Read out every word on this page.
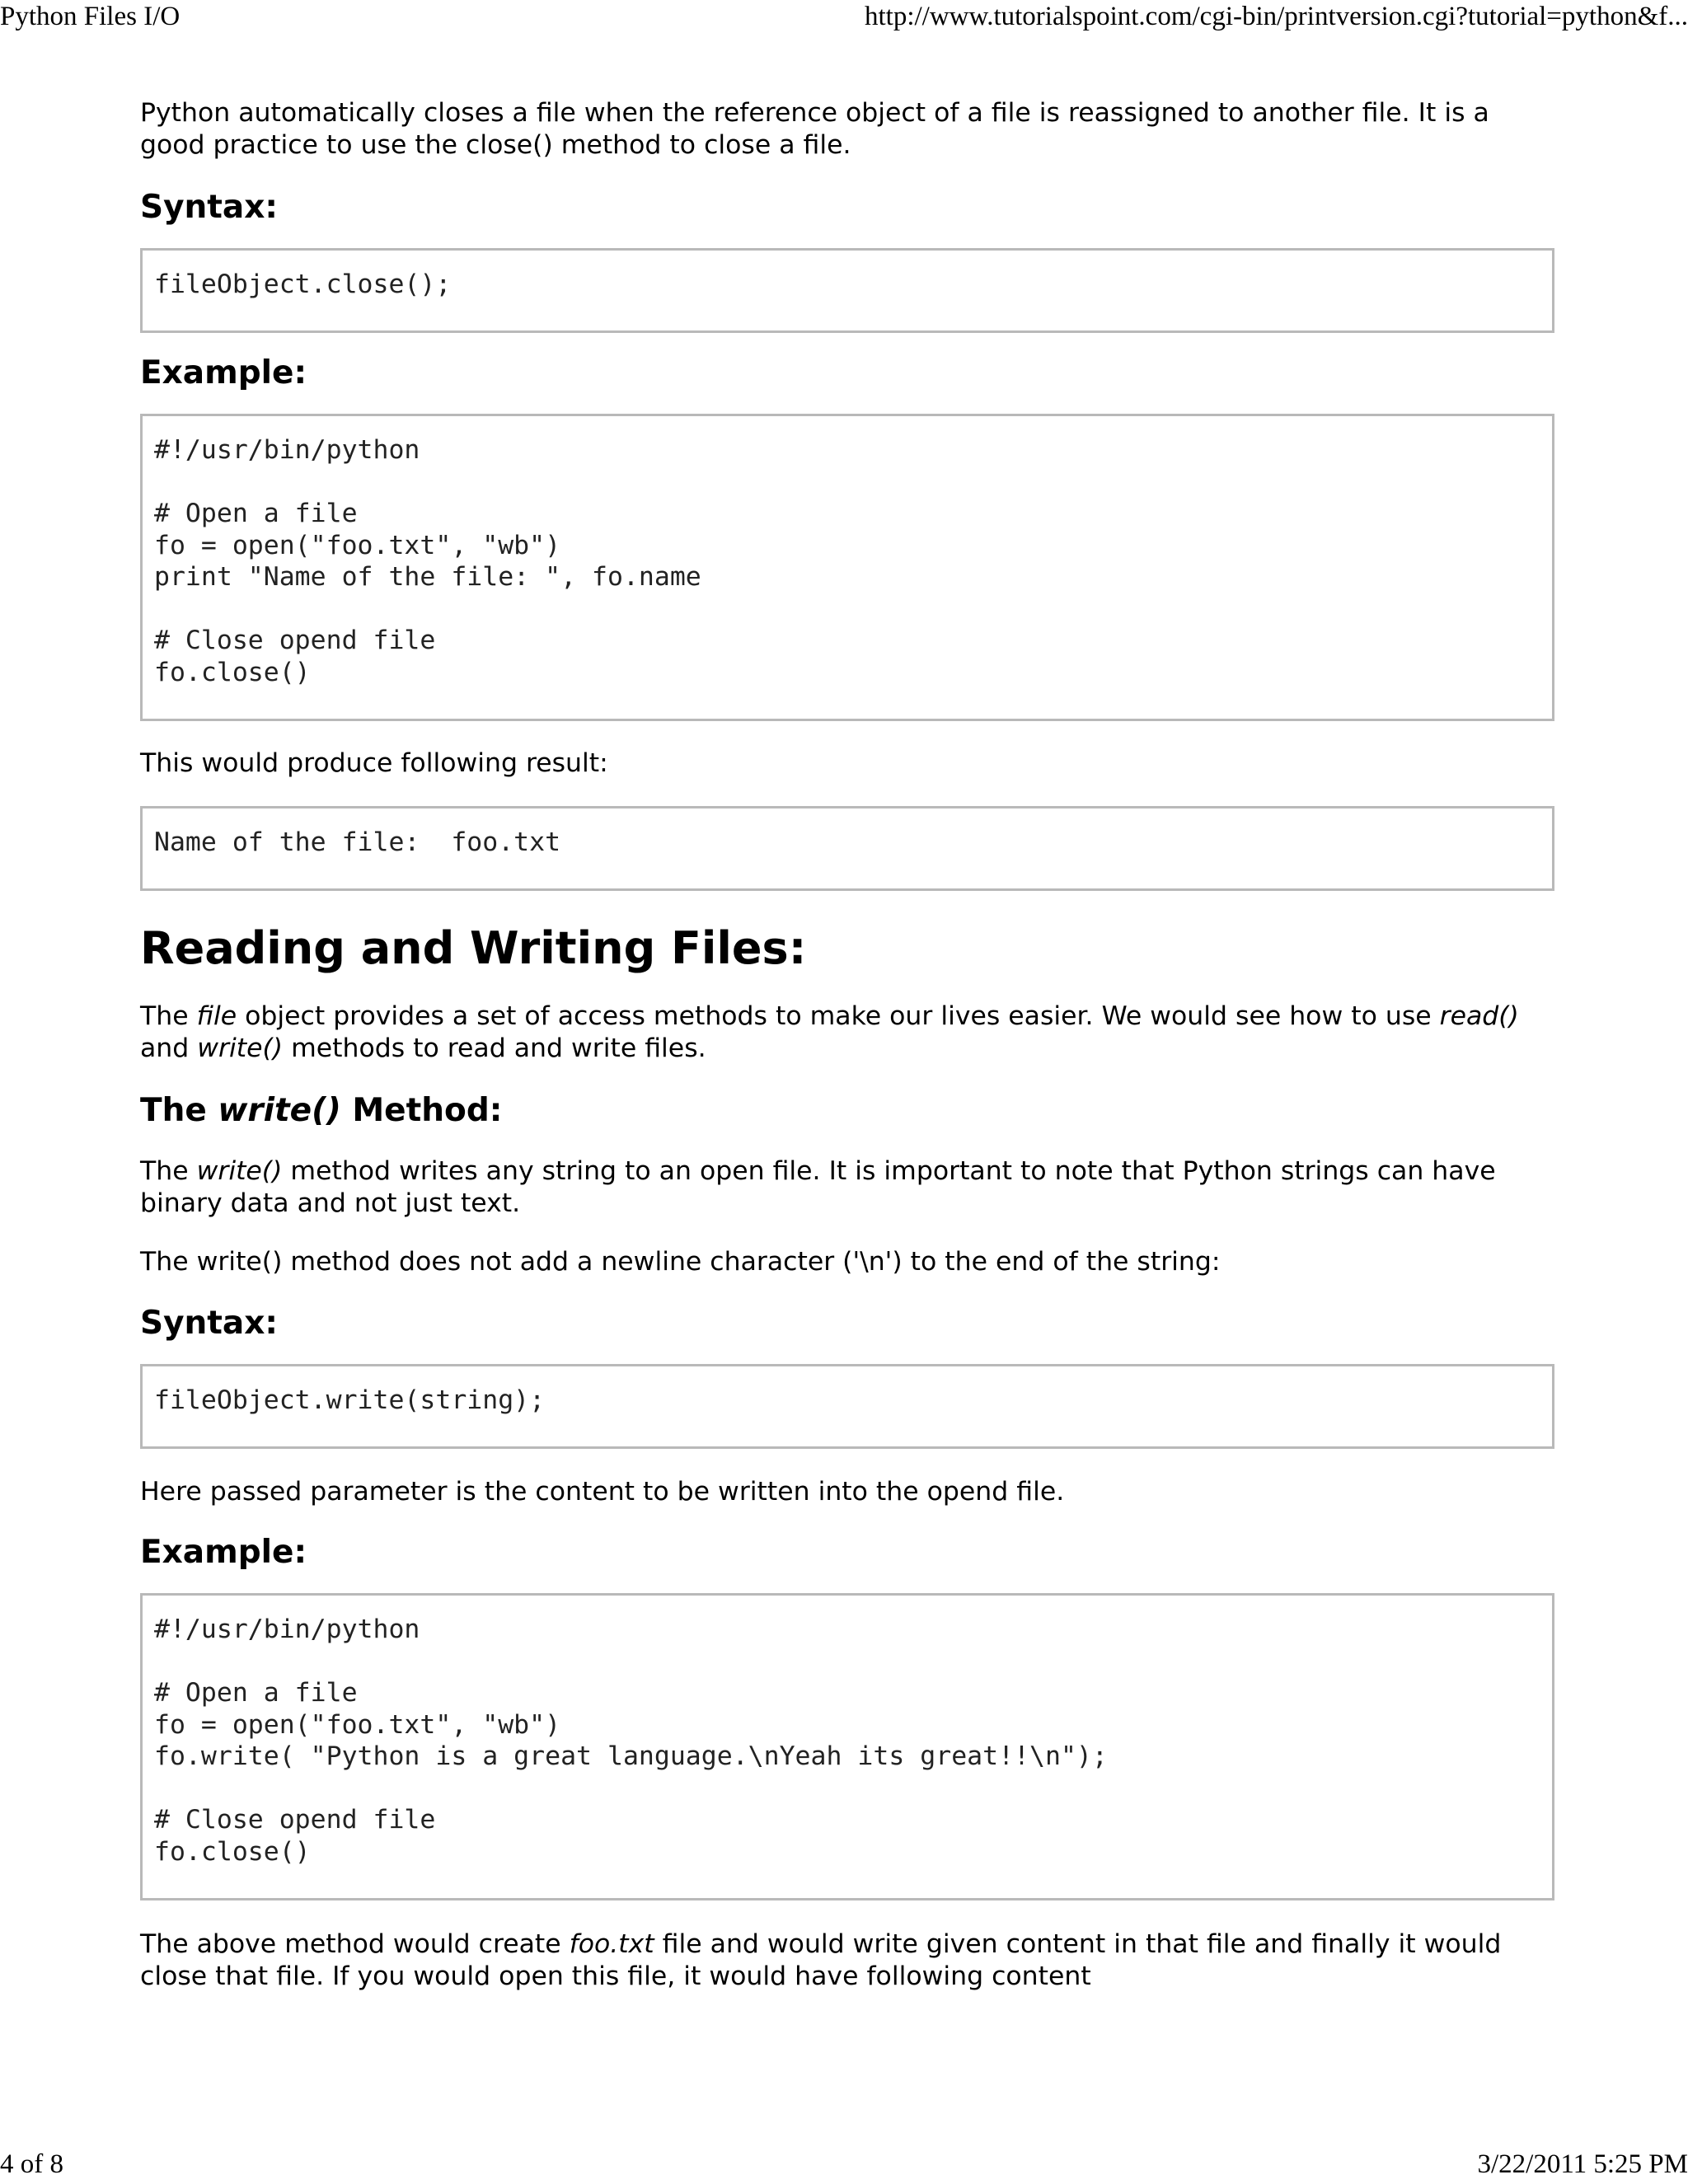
Python Files I/O	http://www.tutorialspoint.com/cgi-bin/printversion.cgi?tutorial=python&f...

Python automatically closes a file when the reference object of a file is reassigned to another file. It is a good practice to use the close() method to close a file.

Syntax:
fileObject.close();
Example:
#!/usr/bin/python

# Open a file
fo = open("foo.txt", "wb")
print "Name of the file: ", fo.name

# Close opend file
fo.close()

This would produce following result:

Name of the file:  foo.txt
Reading and Writing Files:

The file object provides a set of access methods to make our lives easier. We would see how to use read() and write() methods to read and write files.

The write() Method:

The write() method writes any string to an open file. It is important to note that Python strings can have binary data and not just text.

The write() method does not add a newline character ('\n') to the end of the string:

Syntax:
fileObject.write(string);

Here passed parameter is the content to be written into the opend file.

Example:
#!/usr/bin/python

# Open a file
fo = open("foo.txt", "wb")
fo.write( "Python is a great language.\nYeah its great!!\n");

# Close opend file
fo.close()

The above method would create foo.txt file and would write given content in that file and finally it would close that file. If you would open this file, it would have following content

4 of 8	3/22/2011 5:25 PM
